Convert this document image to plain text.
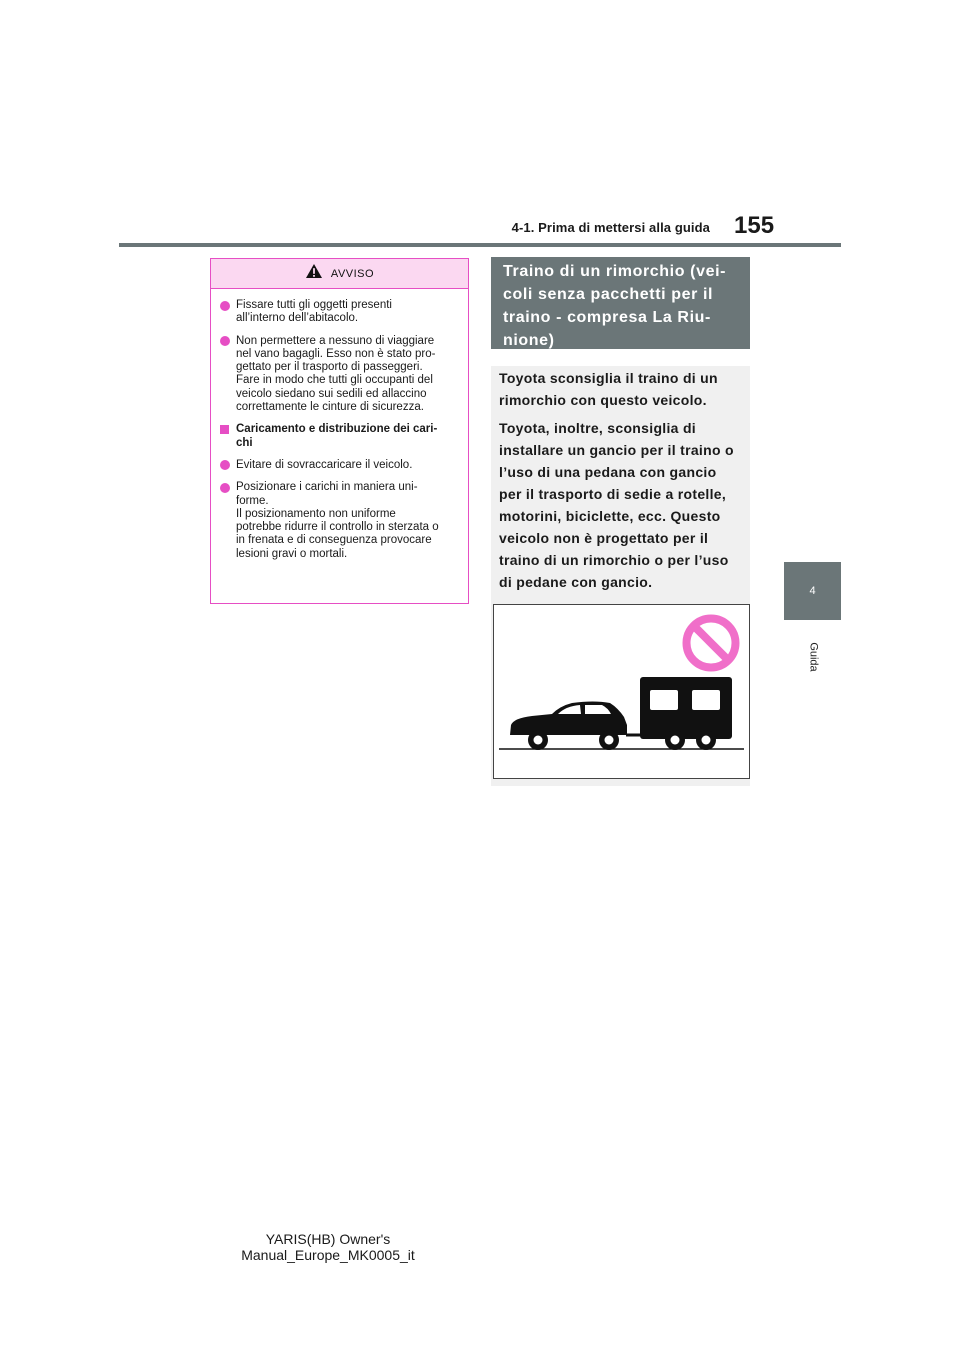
4-1. Prima di mettersi alla guida 155
4
Guida
AVVISO
Fissare tutti gli oggetti presenti
all’interno dell’abitacolo.
Non permettere a nessuno di viaggiare
nel vano bagagli. Esso non è stato pro-
gettato per il trasporto di passeggeri.
Fare in modo che tutti gli occupanti del
veicolo siedano sui sedili ed allaccino
correttamente le cinture di sicurezza.
Caricamento e distribuzione dei cari-
chi
Evitare di sovraccaricare il veicolo.
Posizionare i carichi in maniera uni-
forme.
Il posizionamento non uniforme
potrebbe ridurre il controllo in sterzata o
in frenata e di conseguenza provocare
lesioni gravi o mortali.
Traino di un rimorchio (vei-
coli senza pacchetti per il
traino - compresa La Riu-
nione)

Toyota sconsiglia il traino di un
rimorchio con questo veicolo.

Toyota, inoltre, sconsiglia di
installare un gancio per il traino o
l’uso di una pedana con gancio
per il trasporto di sedie a rotelle,
motorini, biciclette, ecc. Questo
veicolo non è progettato per il
traino di un rimorchio o per l’uso
di pedane con gancio.

YARIS(HB) Owner's Manual_Europe_MK0005_it
